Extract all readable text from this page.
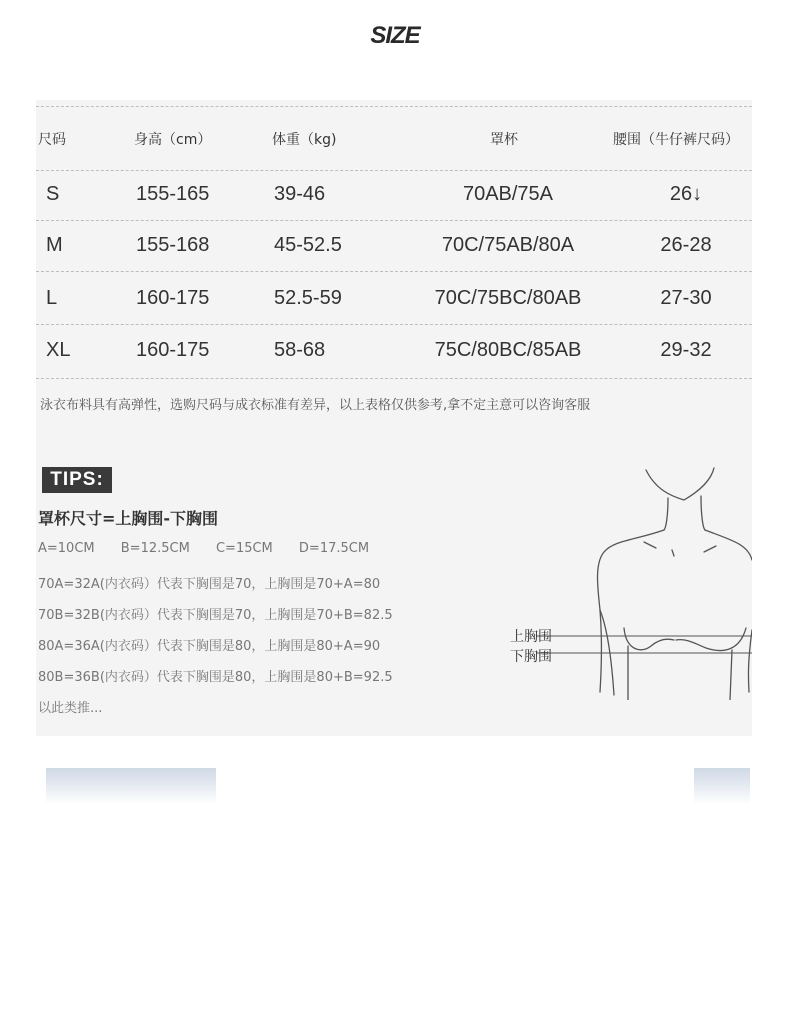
SIZE
尺码	身高（cm）	体重（kg)	罩杯	腰围（牛仔裤尺码）
S	155-165	39-46	70AB/75A	26↓
M	155-168	45-52.5	70C/75AB/80A	26-28
L	160-175	52.5-59	70C/75BC/80AB	27-30
XL	160-175	58-68	75C/80BC/85AB	29-32
泳衣布料具有高弹性，选购尺码与成衣标准有差异，以上表格仅供参考,拿不定主意可以咨询客服
TIPS:
罩杯尺寸=上胸围-下胸围
A=10CM B=12.5CM C=15CM D=17.5CM
70A=32A(内衣码）代表下胸围是70，上胸围是70+A=80
70B=32B(内衣码）代表下胸围是70，上胸围是70+B=82.5
80A=36A(内衣码）代表下胸围是80，上胸围是80+A=90
80B=36B(内衣码）代表下胸围是80，上胸围是80+B=92.5
以此类推...
上胸围
下胸围
